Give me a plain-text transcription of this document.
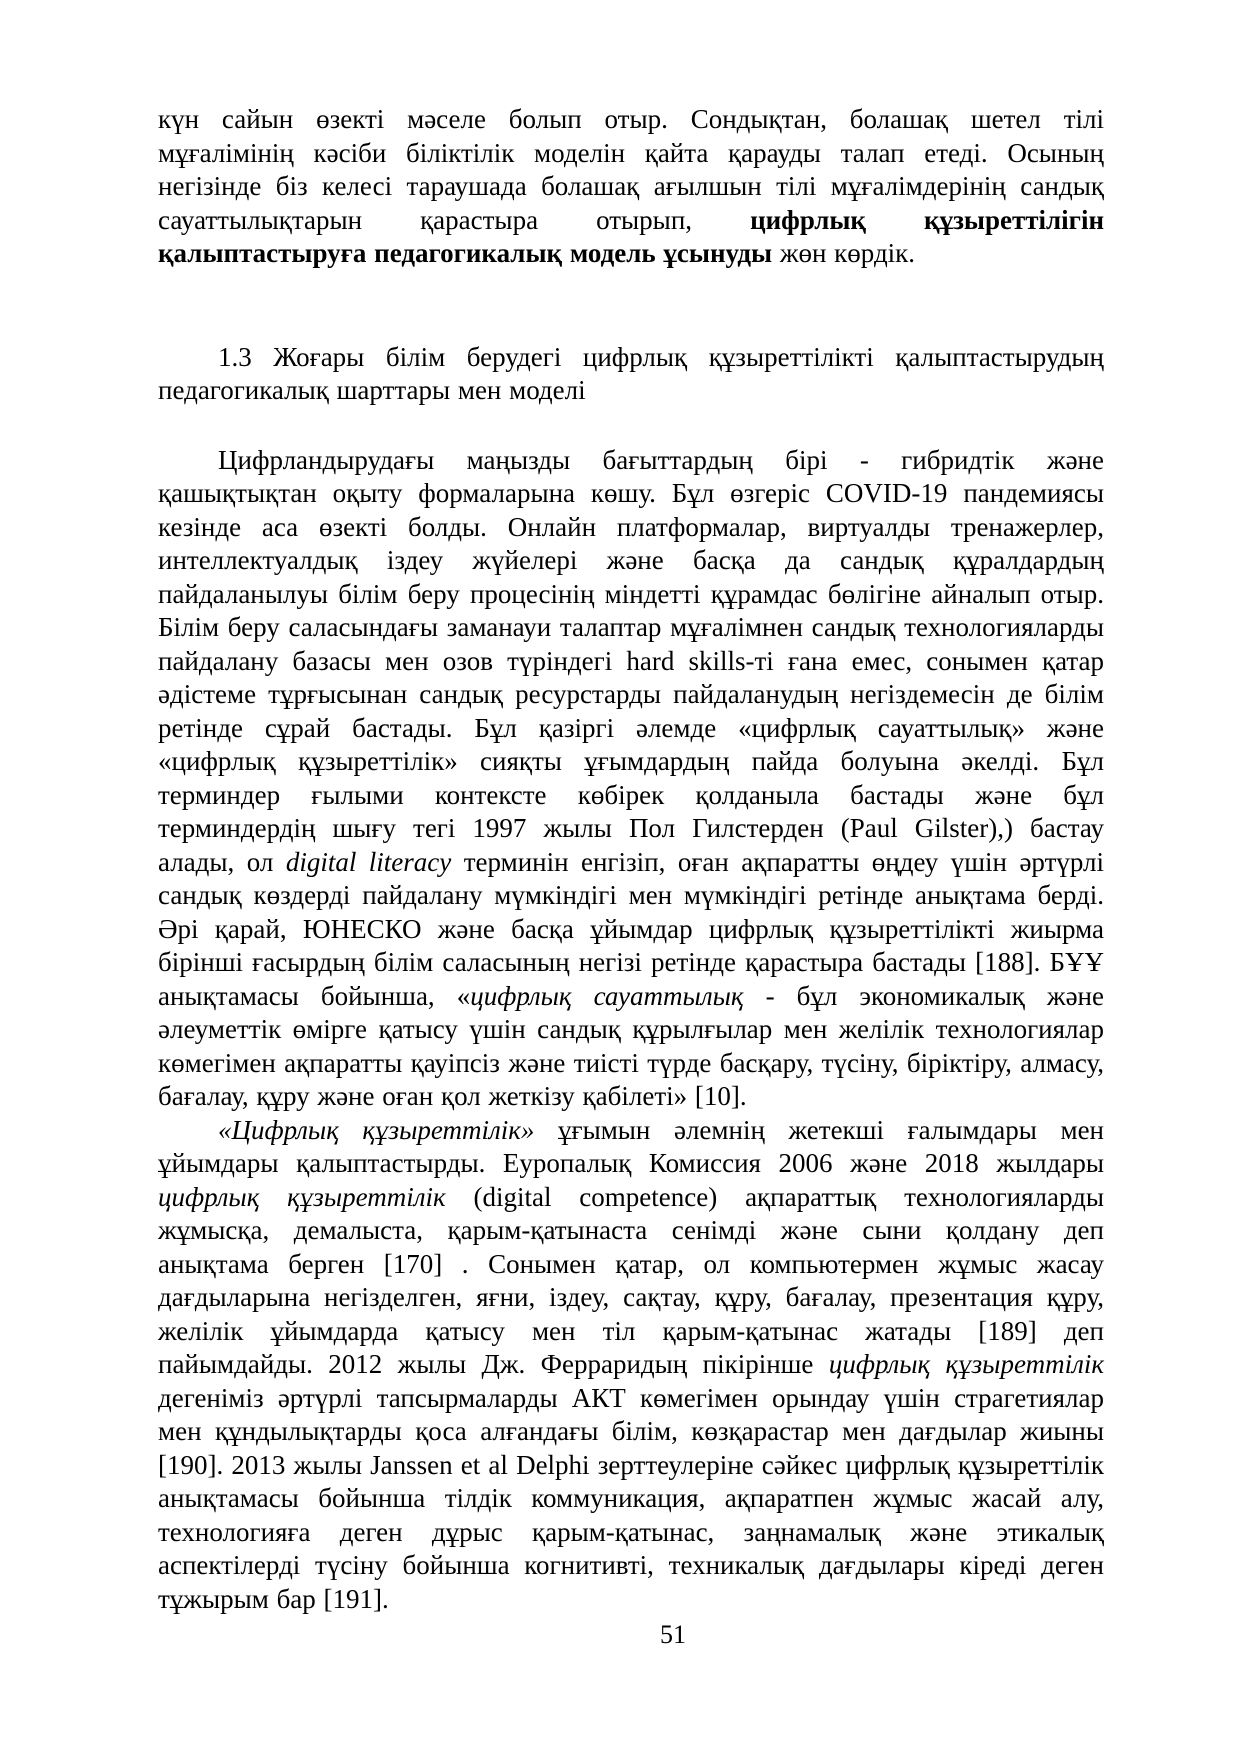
күн сайын өзекті мәселе болып отыр. Сондықтан, болашақ шетел тілі мұғалімінің кәсіби біліктілік моделін қайта қарауды талап етеді. Осының негізінде біз келесі тараушада болашақ ағылшын тілі мұғалімдерінің сандық сауаттылықтарын қарастыра отырып, цифрлық құзыреттілігін қалыптастыруға педагогикалық модель ұсынуды жөн көрдік.

1.3 Жоғары білім берудегі цифрлық құзыреттілікті қалыптастырудың педагогикалық шарттары мен моделі

Цифрландырудағы маңызды бағыттардың бірі - гибридтік және қашықтықтан оқыту формаларына көшу. Бұл өзгеріс COVID-19 пандемиясы кезінде аса өзекті болды. Онлайн платформалар, виртуалды тренажерлер, интеллектуалдық іздеу жүйелері және басқа да сандық құралдардың пайдаланылуы білім беру процесінің міндетті құрамдас бөлігіне айналып отыр. Білім беру саласындағы заманауи талаптар мұғалімнен сандық технологияларды пайдалану базасы мен озов түріндегі hard skills-ті ғана емес, сонымен қатар әдістеме тұрғысынан сандық ресурстарды пайдаланудың негіздемесін де білім ретінде сұрай бастады. Бұл қазіргі әлемде «цифрлық сауаттылық» және «цифрлық құзыреттілік» сияқты ұғымдардың пайда болуына әкелді. Бұл терминдер ғылыми контексте көбірек қолданыла бастады және бұл терминдердің шығу тегі 1997 жылы Пол Гилстерден (Paul Gilster),) бастау алады, ол digital literacy терминін енгізіп, оған ақпаратты өңдеу үшін әртүрлі сандық көздерді пайдалану мүмкіндігі мен мүмкіндігі ретінде анықтама берді. Әрі қарай, ЮНЕСКО және басқа ұйымдар цифрлық құзыреттілікті жиырма бірінші ғасырдың білім саласының негізі ретінде қарастыра бастады [188]. БҰҰ анықтамасы бойынша, «цифрлық сауаттылық - бұл экономикалық және әлеуметтік өмірге қатысу үшін сандық құрылғылар мен желілік технологиялар көмегімен ақпаратты қауіпсіз және тиісті түрде басқару, түсіну, біріктіру, алмасу, бағалау, құру және оған қол жеткізу қабілеті» [10].

«Цифрлық құзыреттілік» ұғымын әлемнің жетекші ғалымдары мен ұйымдары қалыптастырды. Еуропалық Комиссия 2006 және 2018 жылдары цифрлық құзыреттілік (digital competence) ақпараттық технологияларды жұмысқа, демалыста, қарым-қатынаста сенімді және сыни қолдану деп анықтама берген [170] . Сонымен қатар, ол компьютермен жұмыс жасау дағдыларына негізделген, яғни, іздеу, сақтау, құру, бағалау, презентация құру, желілік ұйымдарда қатысу мен тіл қарым-қатынас жатады [189] деп пайымдайды. 2012 жылы Дж. Ферраридың пікірінше цифрлық құзыреттілік дегеніміз әртүрлі тапсырмаларды АКТ көмегімен орындау үшін страгетиялар мен құндылықтарды қоса алғандағы білім, көзқарастар мен дағдылар жиыны [190]. 2013 жылы Janssen et al Delphi зерттеулеріне сәйкес цифрлық құзыреттілік анықтамасы бойынша тілдік коммуникация, ақпаратпен жұмыс жасай алу, технологияға деген дұрыс қарым-қатынас, заңнамалық және этикалық аспектілерді түсіну бойынша когнитивті, техникалық дағдылары кіреді деген тұжырым бар [191].

51
